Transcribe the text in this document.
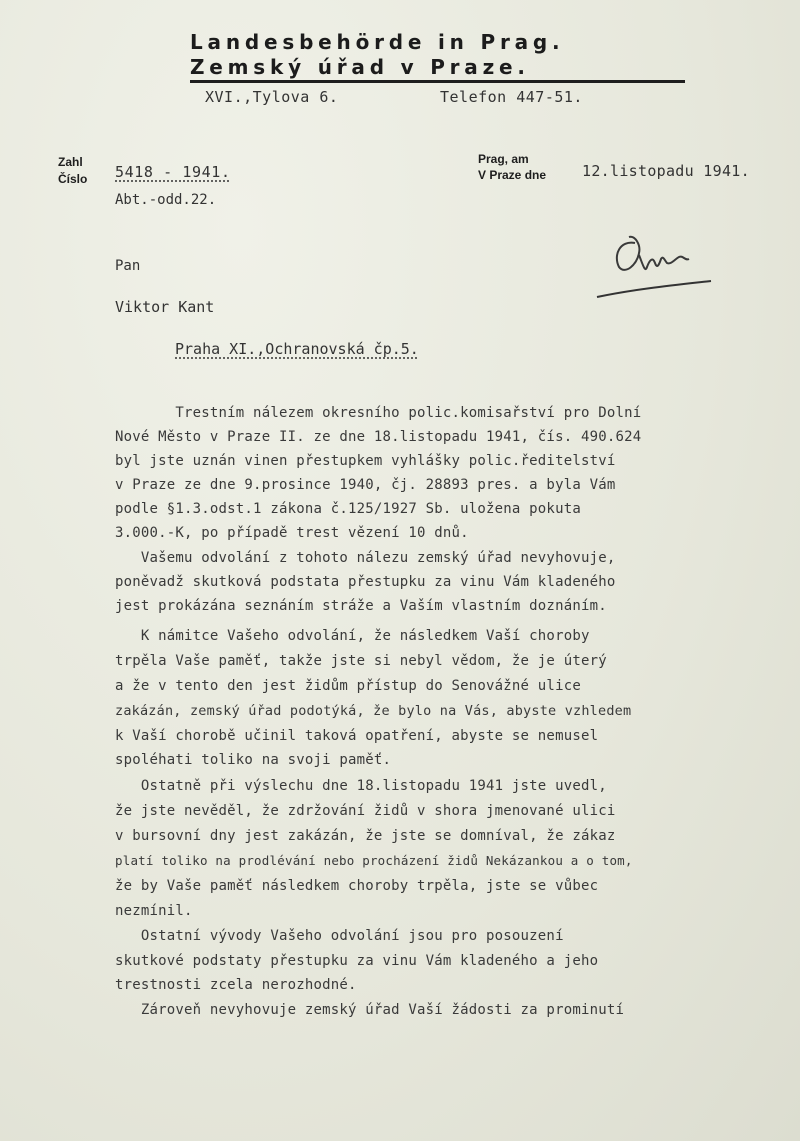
Landesbehörde in Prag.
Zemský úřad v Praze.
XVI.,Tylova 6.	Telefon 447-51.
Zahl
Číslo 5418 - 1941.
Abt.-odd.22.
Prag, am
V Praze dne 12.listopadu 1941.
Pan
Viktor Kant
Praha XI.,Ochranovská čp.5.
Trestním nálezem okresního polic.komisařství pro Dolní
Nové Město v Praze II. ze dne 18.listopadu 1941, čís. 490.624
byl jste uznán vinen přestupkem vyhlášky polic.ředitelství
v Praze ze dne 9.prosince 1940, čj. 28893 pres. a byla Vám
podle §1.3.odst.1 zákona č.125/1927 Sb. uložena pokuta
3.000.-K, po případě trest vězení 10 dnů.
Vašemu odvolání z tohoto nálezu zemský úřad nevyhovuje,
poněvadž skutková podstata přestupku za vinu Vám kladeného
jest prokázána seznáním stráže a Vaším vlastním doznáním.
K námitce Vašeho odvolání, že následkem Vaší choroby
trpěla Vaše paměť, takže jste si nebyl vědom, že je úterý
a že v tento den jest židům přístup do Senovážné ulice
zakázán, zemský úřad podotýká, že bylo na Vás, abyste vzhledem
k Vaší chorobě učinil taková opatření, abyste se nemusel
spoléhati toliko na svoji paměť.
Ostatně při výslechu dne 18.listopadu 1941 jste uvedl,
že jste nevěděl, že zdržování židů v shora jmenované ulici
v bursovní dny jest zakázán, že jste se domníval, že zákaz
platí toliko na prodlévání nebo procházení židů Nekázankou a o tom,
že by Vaše paměť následkem choroby trpěla, jste se vůbec
nezmínil.
Ostatní vývody Vašeho odvolání jsou pro posouzení
skutkové podstaty přestupku za vinu Vám kladeného a jeho
trestnosti zcela nerozhodné.
Zároveň nevyhovuje zemský úřad Vaší žádosti za prominutí
